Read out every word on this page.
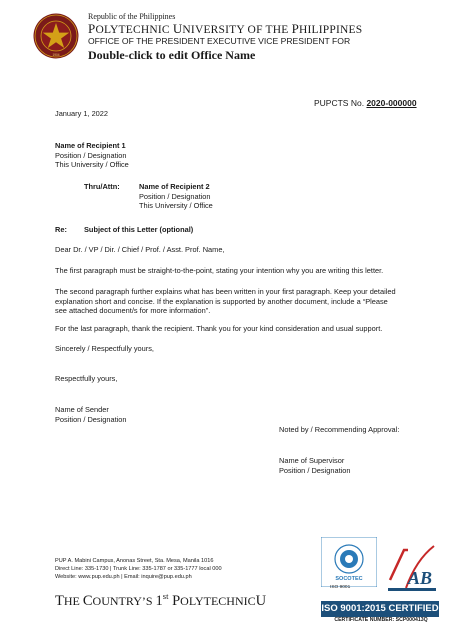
1904
Republic of the Philippines
POLYTECHNIC UNIVERSITY OF THE PHILIPPINES
OFFICE OF THE PRESIDENT EXECUTIVE VICE PRESIDENT FOR
Double-click to edit Office Name
PUPCTS No. 2020-000000
January 1, 2022
Name of Recipient 1
Position / Designation
This University / Office
Thru/Attn:	Name of Recipient 2
Position / Designation
This University / Office
Re: Subject of this Letter (optional)
Dear Dr. / VP / Dir. / Chief / Prof. / Asst. Prof. Name,
The first paragraph must be straight-to-the-point, stating your intention why you are writing this letter.
The second paragraph further explains what has been written in your first paragraph. Keep your detailed
explanation short and concise. If the explanation is supported by another document, include a “Please
see attached document/s for more information”.
For the last paragraph, thank the recipient. Thank you for your kind consideration and usual support.
Sincerely / Respectfully yours,
Respectfully yours,
Name of Sender
Position / Designation
Noted by / Recommending Approval:
Name of Supervisor
Position / Designation
PUP A. Mabini Campus, Anonas Street, Sta. Mesa, Manila 1016
Direct Line: 335-1730 | Trunk Line: 335-1787 or 335-1777 local 000
Website: www.pup.edu.ph | Email: inquire@pup.edu.ph
THE COUNTRY’S 1st POLYTECHNICU
SOCOTEC
ISO 9001	AB
ISO 9001:2015 CERTIFIED
CERTIFICATE NUMBER: SCP000413Q
